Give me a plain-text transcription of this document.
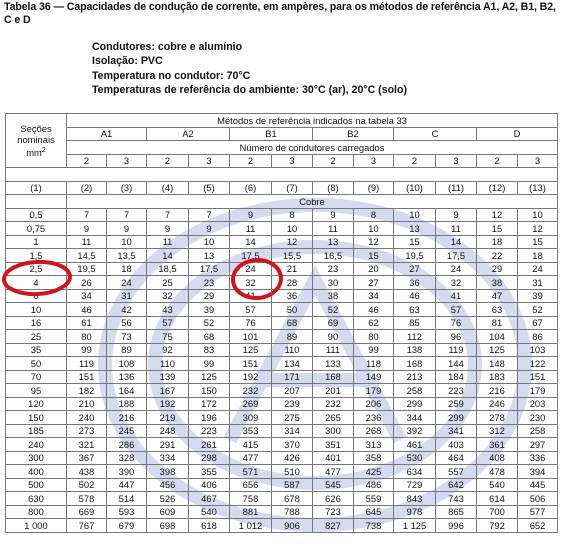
Tabela 36 — Capacidades de condução de corrente, em ampères, para os métodos de referência A1, A2, B1, B2, C e D
Condutores: cobre e alumínio
Isolação: PVC
Temperatura no condutor: 70°C
Temperaturas de referência do ambiente: 30°C (ar), 20°C (solo)
Seções
nominais
$mm^2$	Métodos de referência indicados na tabela 33											
	A1		A2		B1		B2		C		D	
	Número de condutores carregados											
	2	3	2	3	2	3	2	3	2	3	2	3

(1)	(2)	(3)	(4)	(5)	(6)	(7)	(8)	(9)	(10)	(11)	(12)	(13)
	Cobre											
0,5	7	7	7	7	9	8	9	8	10	9	12	10
0,75	9	9	9	9	11	10	11	10	13	11	15	12
1	11	10	11	10	14	12	13	12	15	14	18	15
1,5	14,5	13,5	14	13	17,5	15,5	16,5	15	19,5	17,5	22	18
2,5	19,5	18	18,5	17,5	24	21	23	20	27	24	29	24
4	26	24	25	23	32	28	30	27	36	32	38	31
6	34	31	32	29	41	36	38	34	46	41	47	39
10	46	42	43	39	57	50	52	46	63	57	63	52
16	61	56	57	52	76	68	69	62	85	76	81	67
25	80	73	75	68	101	89	90	80	112	96	104	86
35	99	89	92	83	125	110	111	99	138	119	125	103
50	119	108	110	99	151	134	133	118	168	144	148	122
70	151	136	139	125	192	171	168	149	213	184	183	151
95	182	164	167	150	232	207	201	179	258	223	216	179
120	210	188	192	172	269	239	232	206	299	259	246	203
150	240	216	219	196	309	275	265	236	344	299	278	230
185	273	245	248	223	353	314	300	268	392	341	312	258
240	321	286	291	261	415	370	351	313	461	403	361	297
300	367	328	334	298	477	426	401	358	530	464	408	336
400	438	390	398	355	571	510	477	425	634	557	478	394
500	502	447	456	406	656	587	545	486	729	642	540	445
630	578	514	526	467	758	678	626	559	843	743	614	506
800	669	593	609	540	881	788	723	645	978	865	700	577
1 000	767	679	698	618	1 012	906	827	738	1 125	996	792	652
